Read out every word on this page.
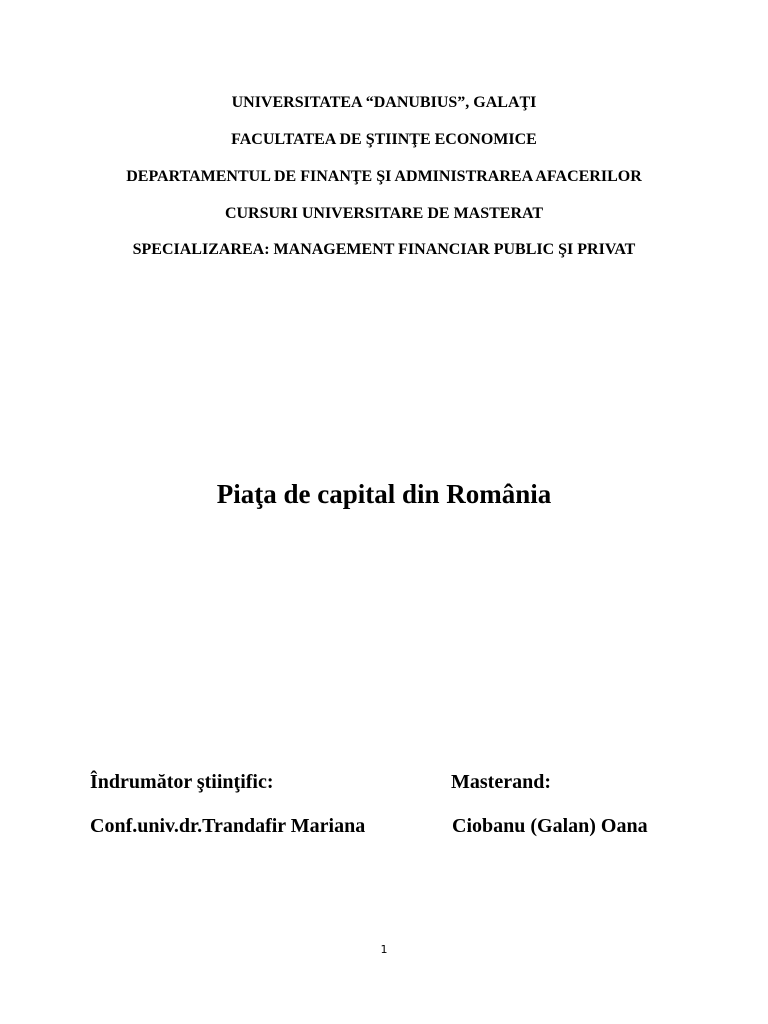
UNIVERSITATEA “DANUBIUS”, GALAŢI
FACULTATEA DE ŞTIINŢE ECONOMICE
DEPARTAMENTUL DE FINANŢE ŞI ADMINISTRAREA AFACERILOR
CURSURI UNIVERSITARE DE MASTERAT
SPECIALIZAREA: MANAGEMENT FINANCIAR PUBLIC ŞI PRIVAT
Piaţa de capital din România
Îndrumător ştiinţific:
Conf.univ.dr.Trandafir Mariana
Masterand:
Ciobanu (Galan) Oana
1
